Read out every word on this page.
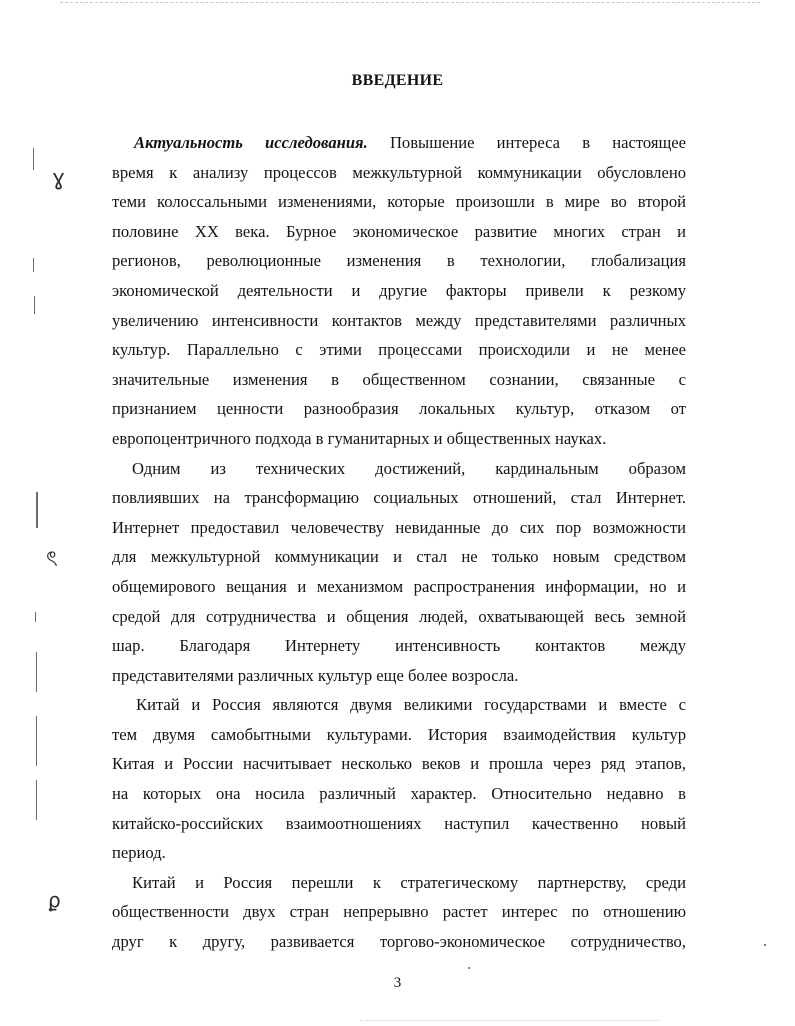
ɣ
ৎ
ϼ
ВВЕДЕНИЕ
Актуальность исследования. Повышение интереса в настоящее
время к анализу процессов межкультурной коммуникации обусловлено
теми колоссальными изменениями, которые произошли в мире во второй
половине XX века. Бурное экономическое развитие многих стран и
регионов, революционные изменения в технологии, глобализация
экономической деятельности и другие факторы привели к резкому
увеличению интенсивности контактов между представителями различных
культур. Параллельно с этими процессами происходили и не менее
значительные изменения в общественном сознании, связанные с
признанием ценности разнообразия локальных культур, отказом от
европоцентричного подхода в гуманитарных и общественных науках.
Одним из технических достижений, кардинальным образом
повлиявших на трансформацию социальных отношений, стал Интернет.
Интернет предоставил человечеству невиданные до сих пор возможности
для межкультурной коммуникации и стал не только новым средством
общемирового вещания и механизмом распространения информации, но и
средой для сотрудничества и общения людей, охватывающей весь земной
шар. Благодаря Интернету интенсивность контактов между
представителями различных культур еще более возросла.
Китай и Россия являются двумя великими государствами и вместе с
тем двумя самобытными культурами. История взаимодействия культур
Китая и России насчитывает несколько веков и прошла через ряд этапов,
на которых она носила различный характер. Относительно недавно в
китайско-российских взаимоотношениях наступил качественно новый
период.
Китай и Россия перешли к стратегическому партнерству, среди
общественности двух стран непрерывно растет интерес по отношению
друг к другу, развивается торгово-экономическое сотрудничество,
3
